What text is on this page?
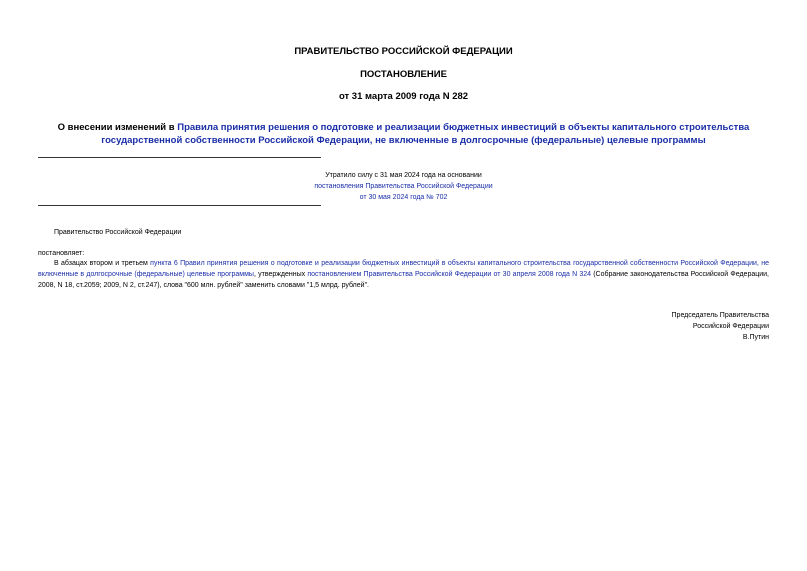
ПРАВИТЕЛЬСТВО РОССИЙСКОЙ ФЕДЕРАЦИИ
ПОСТАНОВЛЕНИЕ
от 31 марта 2009 года N 282
О внесении изменений в Правила принятия решения о подготовке и реализации бюджетных инвестиций в объекты капитального строительства государственной собственности Российской Федерации, не включенные в долгосрочные (федеральные) целевые программы
Утратило силу с 31 мая 2024 года на основании
постановления Правительства Российской Федерации
от 30 мая 2024 года № 702
Правительство Российской Федерации
постановляет:
В абзацах втором и третьем пункта 6 Правил принятия решения о подготовке и реализации бюджетных инвестиций в объекты капитального строительства государственной собственности Российской Федерации, не включенные в долгосрочные (федеральные) целевые программы, утвержденных постановлением Правительства Российской Федерации от 30 апреля 2008 года N 324 (Собрание законодательства Российской Федерации, 2008, N 18, ст.2059; 2009, N 2, ст.247), слова "600 млн. рублей" заменить словами "1,5 млрд. рублей".
Председатель Правительства
Российской Федерации
В.Путин
